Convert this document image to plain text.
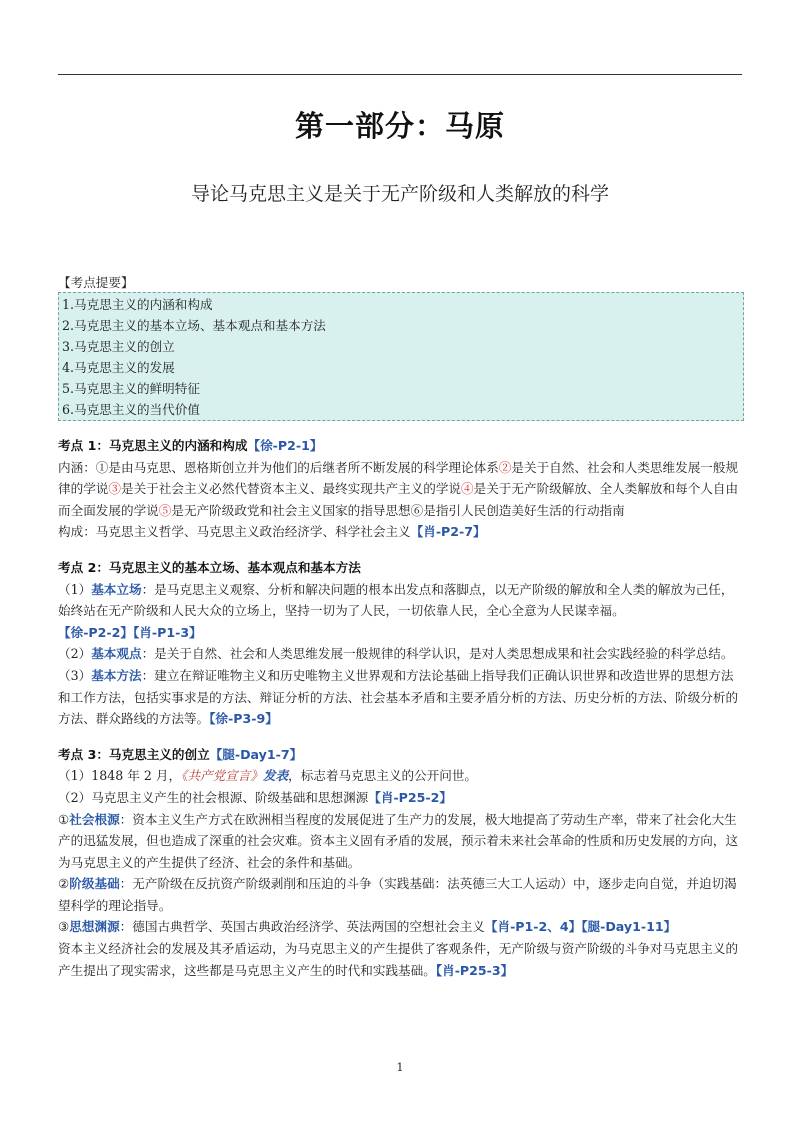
第一部分：马原
导论马克思主义是关于无产阶级和人类解放的科学
【考点提要】
1.马克思主义的内涵和构成
2.马克思主义的基本立场、基本观点和基本方法
3.马克思主义的创立
4.马克思主义的发展
5.马克思主义的鲜明特征
6.马克思主义的当代价值

考点 1：马克思主义的内涵和构成【徐-P2-1】

内涵：①是由马克思、恩格斯创立并为他们的后继者所不断发展的科学理论体系②是关于自然、社会和人类思维发展一般规律的学说③是关于社会主义必然代替资本主义、最终实现共产主义的学说④是关于无产阶级解放、全人类解放和每个人自由而全面发展的学说⑤是无产阶级政党和社会主义国家的指导思想⑥是指引人民创造美好生活的行动指南

构成：马克思主义哲学、马克思主义政治经济学、科学社会主义【肖-P2-7】

考点 2：马克思主义的基本立场、基本观点和基本方法

（1）基本立场：是马克思主义观察、分析和解决问题的根本出发点和落脚点，以无产阶级的解放和全人类的解放为己任，始终站在无产阶级和人民大众的立场上，坚持一切为了人民，一切依靠人民，全心全意为人民谋幸福。
【徐-P2-2】【肖-P1-3】

（2）基本观点：是关于自然、社会和人类思维发展一般规律的科学认识，是对人类思想成果和社会实践经验的科学总结。

（3）基本方法：建立在辩证唯物主义和历史唯物主义世界观和方法论基础上指导我们正确认识世界和改造世界的思想方法和工作方法，包括实事求是的方法、辩证分析的方法、社会基本矛盾和主要矛盾分析的方法、历史分析的方法、阶级分析的方法、群众路线的方法等。【徐-P3-9】

考点 3：马克思主义的创立【腿-Day1-7】

（1）1848 年 2 月，《共产党宣言》发表，标志着马克思主义的公开问世。

（2）马克思主义产生的社会根源、阶级基础和思想渊源【肖-P25-2】

①社会根源：资本主义生产方式在欧洲相当程度的发展促进了生产力的发展，极大地提高了劳动生产率，带来了社会化大生产的迅猛发展，但也造成了深重的社会灾难。资本主义固有矛盾的发展，预示着未来社会革命的性质和历史发展的方向，这为马克思主义的产生提供了经济、社会的条件和基础。

②阶级基础：无产阶级在反抗资产阶级剥削和压迫的斗争（实践基础：法英德三大工人运动）中，逐步走向自觉，并迫切渴望科学的理论指导。

③思想渊源：德国古典哲学、英国古典政治经济学、英法两国的空想社会主义【肖-P1-2、4】【腿-Day1-11】

资本主义经济社会的发展及其矛盾运动，为马克思主义的产生提供了客观条件，无产阶级与资产阶级的斗争对马克思主义的产生提出了现实需求，这些都是马克思主义产生的时代和实践基础。【肖-P25-3】

1
